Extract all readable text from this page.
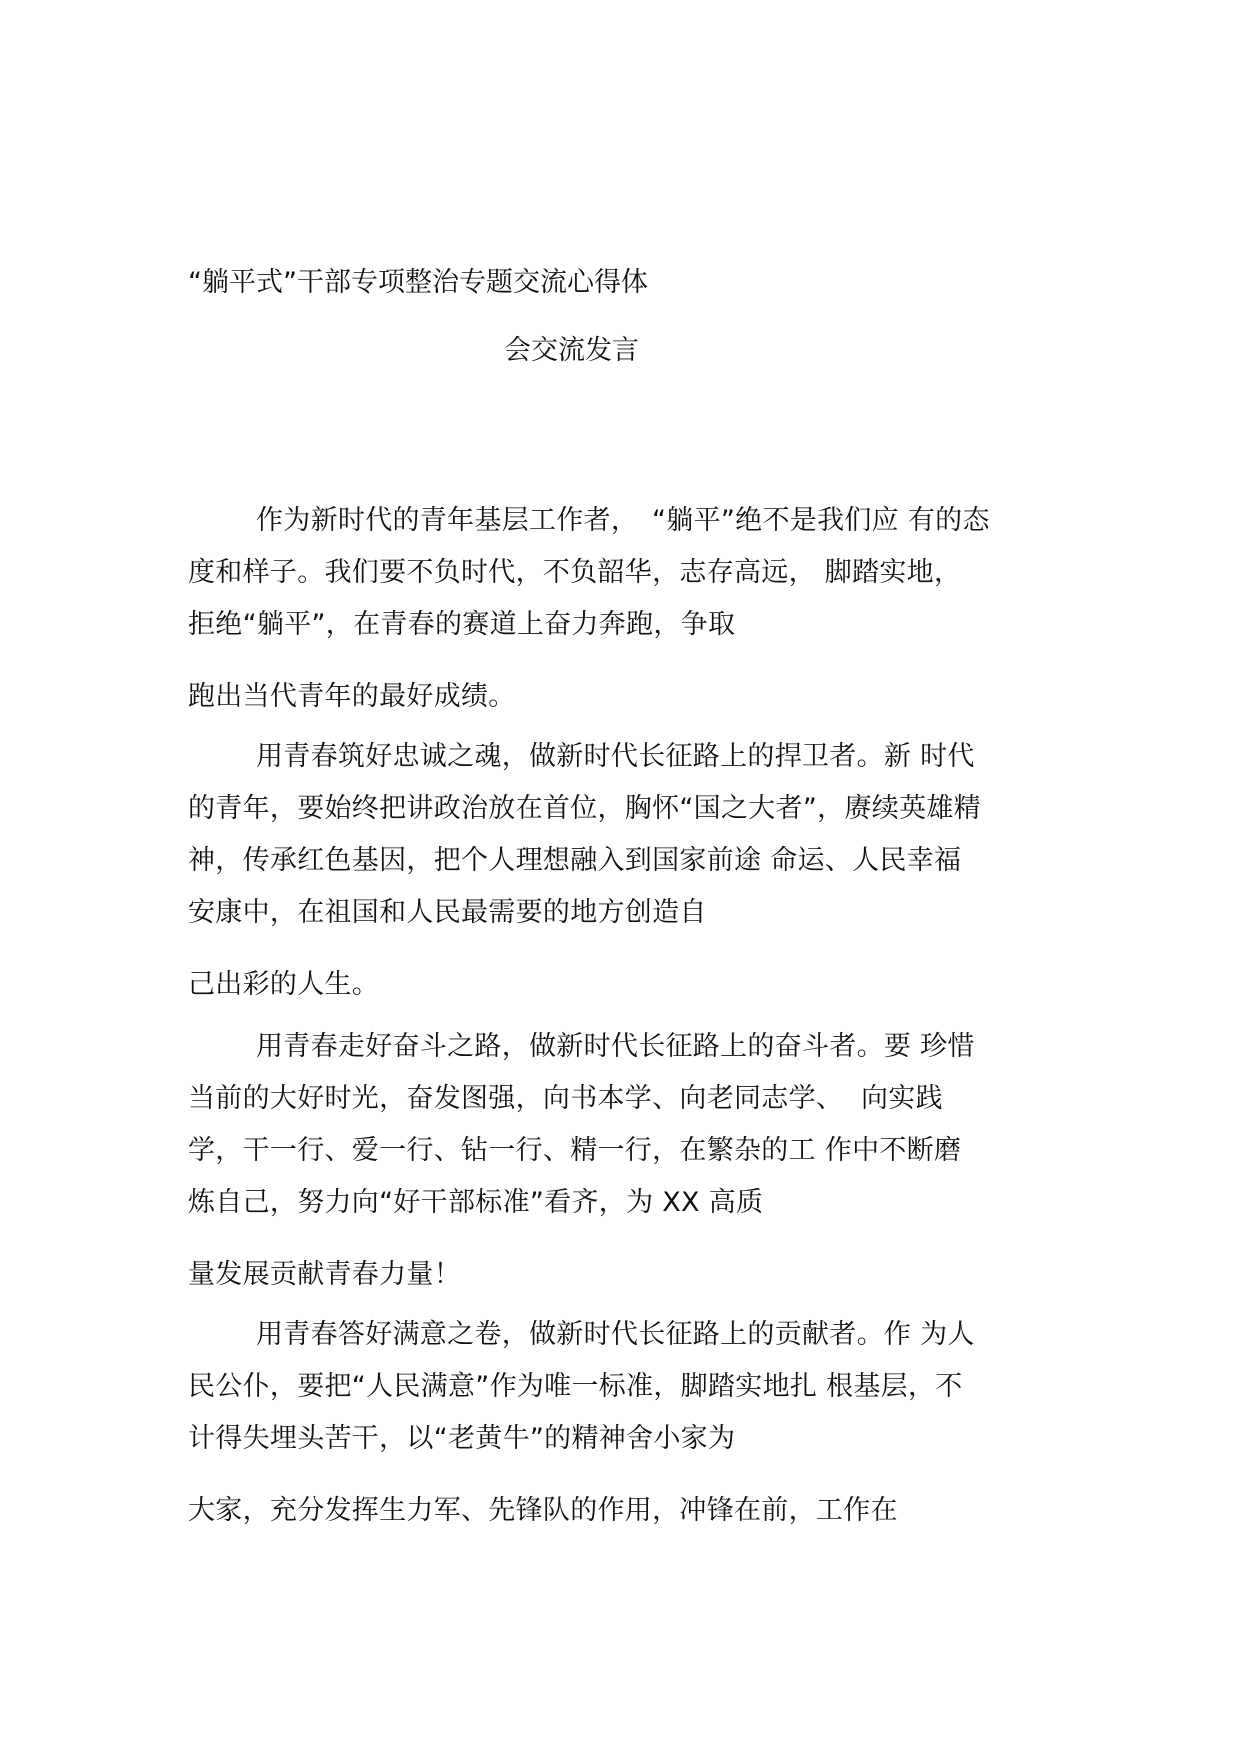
“躺平式”干部专项整治专题交流心得体
会交流发言
作为新时代的青年基层工作者，　“躺平”绝不是我们应 有的态
度和样子。我们要不负时代，不负韶华，志存高远， 脚踏实地，
拒绝“躺平”，在青春的赛道上奋力奔跑，争取
跑出当代青年的最好成绩。
用青春筑好忠诚之魂，做新时代长征路上的捍卫者。新 时代
的青年，要始终把讲政治放在首位，胸怀“国之大者”，赓续英雄精
神，传承红色基因，把个人理想融入到国家前途 命运、人民幸福
安康中，在祖国和人民最需要的地方创造自
己出彩的人生。
用青春走好奋斗之路，做新时代长征路上的奋斗者。要 珍惜
当前的大好时光，奋发图强，向书本学、向老同志学、  向实践
学，干一行、爱一行、钻一行、精一行，在繁杂的工 作中不断磨
炼自己，努力向“好干部标准”看齐，为 XX 高质
量发展贡献青春力量！
用青春答好满意之卷，做新时代长征路上的贡献者。作 为人
民公仆，要把“人民满意”作为唯一标准，脚踏实地扎 根基层，不
计得失埋头苦干，以“老黄牛”的精神舍小家为
大家，充分发挥生力军、先锋队的作用，冲锋在前，工作在
